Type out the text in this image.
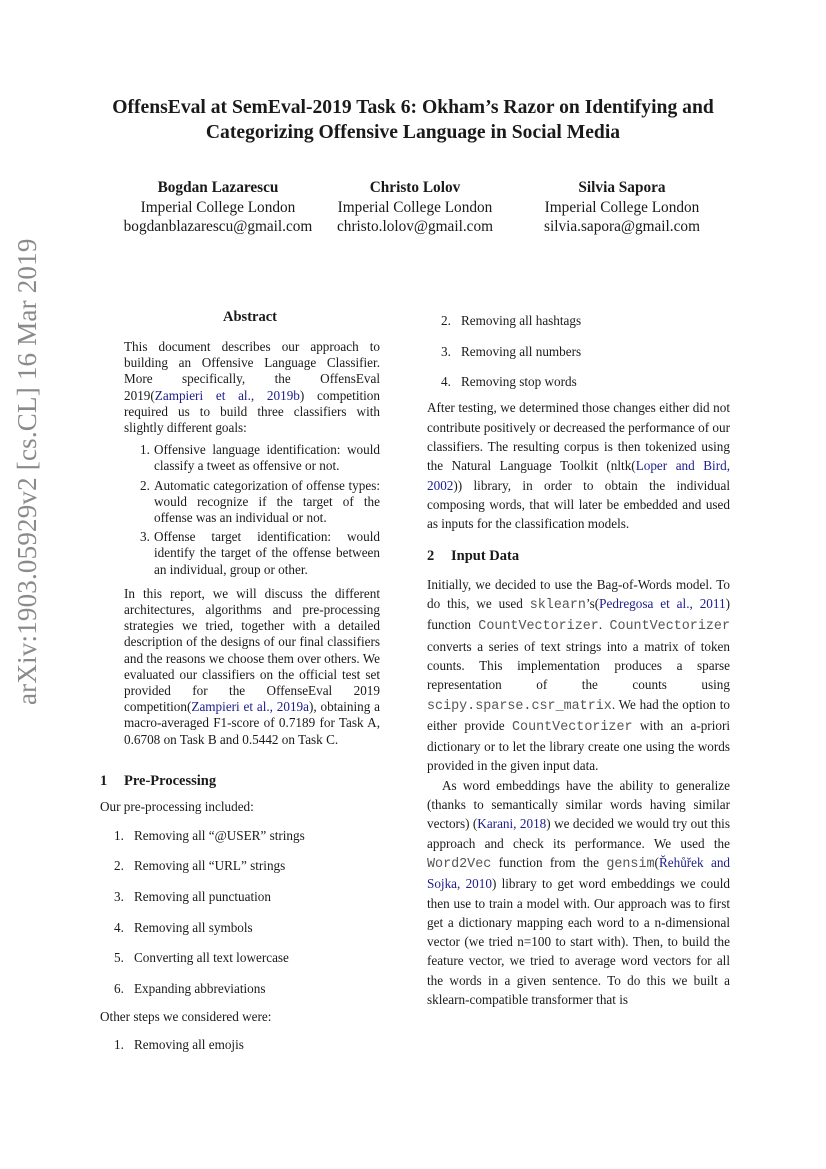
OffensEval at SemEval-2019 Task 6: Okham’s Razor on Identifying and
Categorizing Offensive Language in Social Media
Bogdan Lazarescu
Imperial College London
bogdanblazarescu@gmail.com
Christo Lolov
Imperial College London
christo.lolov@gmail.com
Silvia Sapora
Imperial College London
silvia.sapora@gmail.com
arXiv:1903.05929v2 [cs.CL] 16 Mar 2019	Abstract

This document describes our approach to building an Offensive Language Classifier. More specifically, the OffensEval 2019(Zampieri et al., 2019b) competition required us to build three classifiers with slightly different goals:

1. Offensive language identification: would classify a tweet as offensive or not.
2. Automatic categorization of offense types: would recognize if the target of the offense was an individual or not.
3. Offense target identification: would identify the target of the offense between an individual, group or other.

In this report, we will discuss the different architectures, algorithms and pre-processing strategies we tried, together with a detailed description of the designs of our final classifiers and the reasons we choose them over others. We evaluated our classifiers on the official test set provided for the OffenseEval 2019 competition(Zampieri et al., 2019a), obtaining a macro-averaged F1-score of 0.7189 for Task A, 0.6708 on Task B and 0.5442 on Task C.

1 Pre-Processing

Our pre-processing included:

1. Removing all “@USER” strings
2. Removing all “URL” strings
3. Removing all punctuation
4. Removing all symbols
5. Converting all text lowercase
6. Expanding abbreviations

Other steps we considered were:

1. Removing all emojis
2. Removing all hashtags
3. Removing all numbers
4. Removing stop words

After testing, we determined those changes either did not contribute positively or decreased the performance of our classifiers. The resulting corpus is then tokenized using the Natural Language Toolkit (nltk(Loper and Bird, 2002)) library, in order to obtain the individual composing words, that will later be embedded and used as inputs for the classification models.

2 Input Data

Initially, we decided to use the Bag-of-Words model. To do this, we used sklearn’s(Pedregosa et al., 2011) function CountVectorizer. CountVectorizer converts a series of text strings into a matrix of token counts. This implementation produces a sparse representation of the counts using scipy.sparse.csr_matrix. We had the option to either provide CountVectorizer with an a-priori dictionary or to let the library create one using the words provided in the given input data.

As word embeddings have the ability to generalize (thanks to semantically similar words having similar vectors) (Karani, 2018) we decided we would try out this approach and check its performance. We used the Word2Vec function from the gensim(Řehůřek and Sojka, 2010) library to get word embeddings we could then use to train a model with. Our approach was to first get a dictionary mapping each word to a n-dimensional vector (we tried n=100 to start with). Then, to build the feature vector, we tried to average word vectors for all the words in a given sentence. To do this we built a sklearn-compatible transformer that is
